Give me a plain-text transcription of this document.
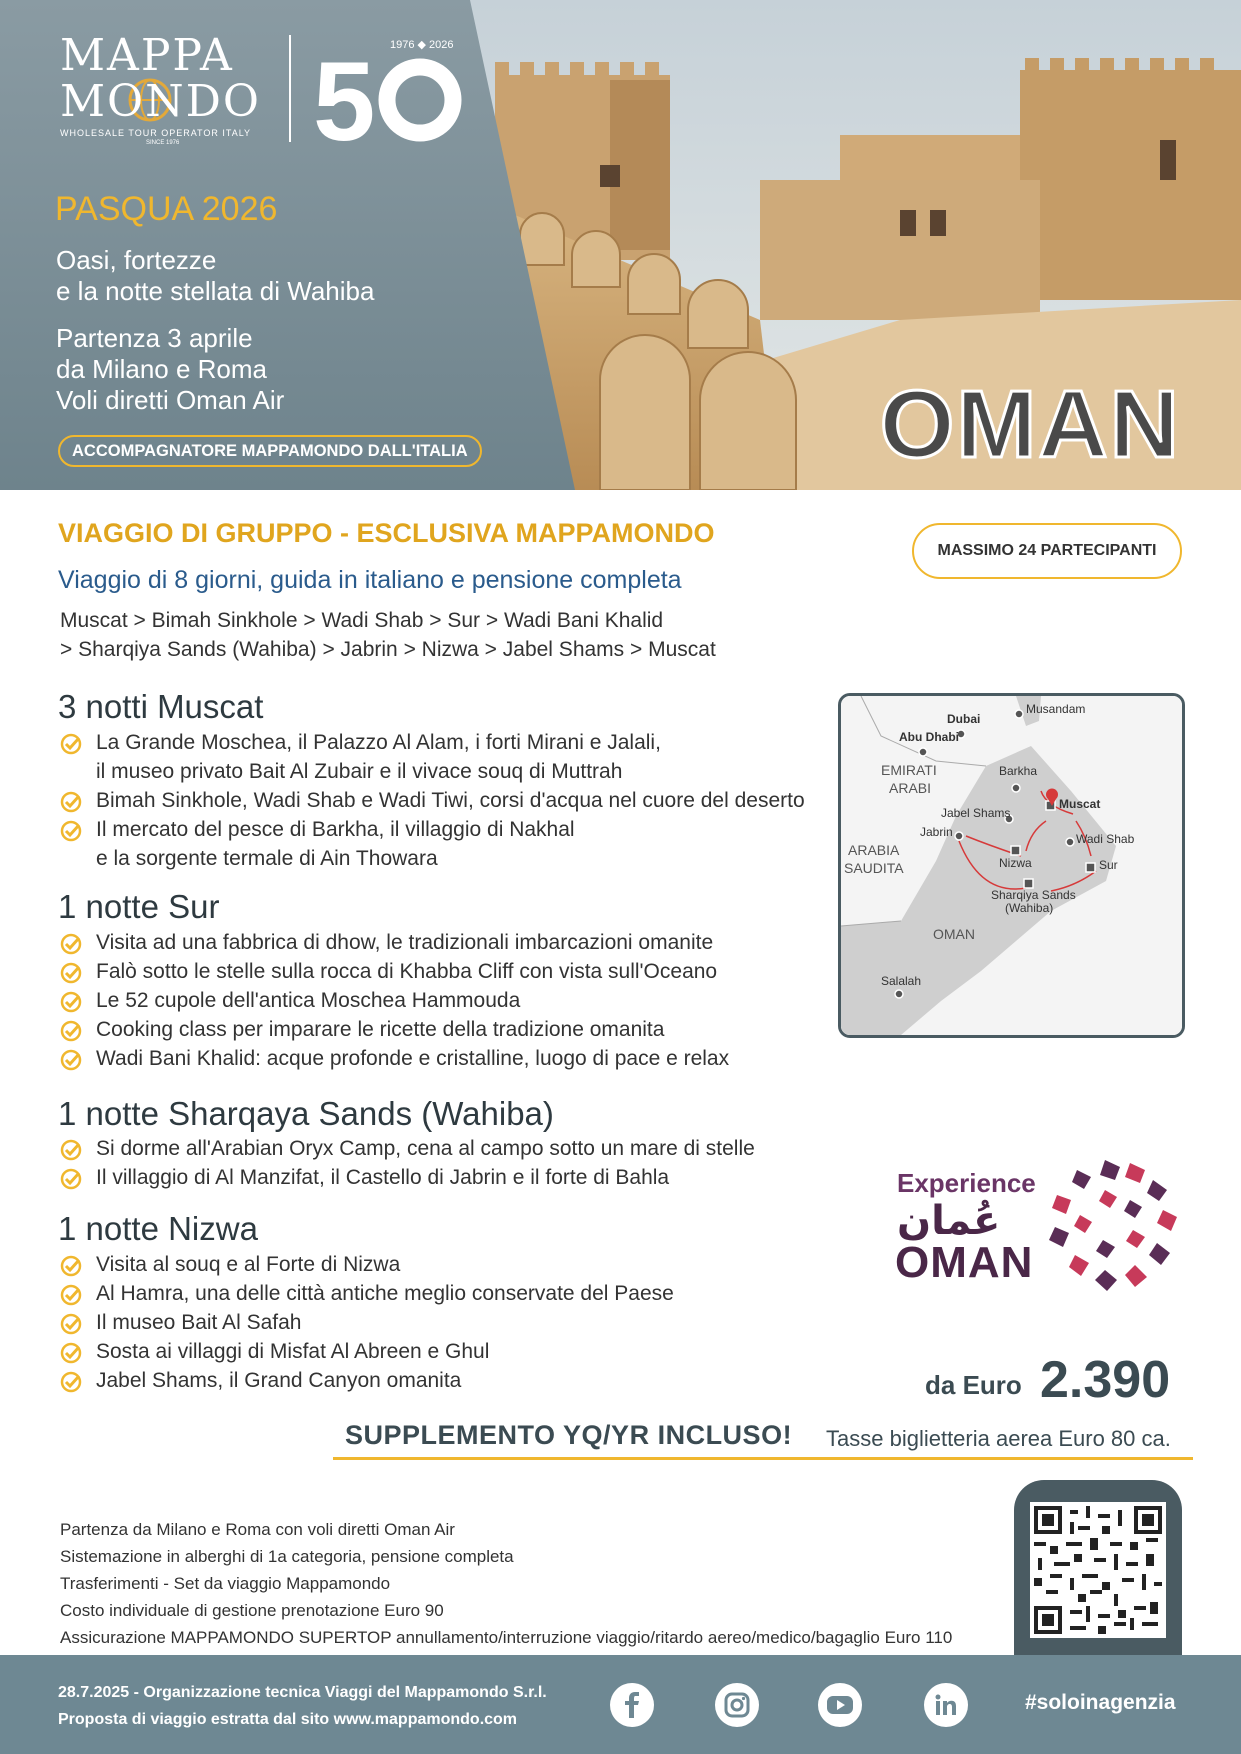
5
MAPPA
MONDO
WHOLESALE TOUR OPERATOR ITALY
SINCE 1976
1976 ◆ 2026
PASQUA 2026
Oasi, fortezze
e la notte stellata di Wahiba
Partenza 3 aprile
da Milano e Roma
Voli diretti Oman Air
ACCOMPAGNATORE MAPPAMONDO DALL'ITALIA	OMAN
VIAGGIO DI GRUPPO - ESCLUSIVA MAPPAMONDO
Viaggio di 8 giorni, guida in italiano e pensione completa
Muscat > Bimah Sinkhole > Wadi Shab > Sur > Wadi Bani Khalid
> Sharqiya Sands (Wahiba) > Jabrin > Nizwa > Jabel Shams > Muscat
MASSIMO 24 PARTECIPANTI
3 notti Muscat
La Grande Moschea, il Palazzo Al Alam, i forti Mirani e Jalali,
il museo privato Bait Al Zubair e il vivace souq di Muttrah
Bimah Sinkhole, Wadi Shab e Wadi Tiwi, corsi d'acqua nel cuore del deserto
Il mercato del pesce di Barkha, il villaggio di Nakhal
e la sorgente termale di Ain Thowara
1 notte Sur
Visita ad una fabbrica di dhow, le tradizionali imbarcazioni omanite
Falò sotto le stelle sulla rocca di Khabba Cliff con vista sull'Oceano
Le 52 cupole dell'antica Moschea Hammouda
Cooking class per imparare le ricette della tradizione omanita
Wadi Bani Khalid: acque profonde e cristalline, luogo di pace e relax
1 notte Sharqaya Sands (Wahiba)
Si dorme all'Arabian Oryx Camp, cena al campo sotto un mare di stelle
Il villaggio di Al Manzifat, il Castello di Jabrin e il forte di Bahla
1 notte Nizwa
Visita al souq e al Forte di Nizwa
Al Hamra, una delle città antiche meglio conservate del Paese
Il museo Bait Al Safah
Sosta ai villaggi di Misfat Al Abreen e Ghul
Jabel Shams, il Grand Canyon omanita
Musandam
Dubai
Abu Dhabi
EMIRATI
ARABI
Barkha
Muscat
Jabel Shams
Jabrin	Wadi Shab
ARABIA
SAUDITA	Nizwa	Sur
Sharqiya Sands
(Wahiba)
OMAN
Salalah
Experience
عُمان
OMAN
da Euro 2.390
SUPPLEMENTO YQ/YR INCLUSO! Tasse biglietteria aerea Euro 80 ca.
Partenza da Milano e Roma con voli diretti Oman Air
Sistemazione in alberghi di 1a categoria, pensione completa
Trasferimenti - Set da viaggio Mappamondo
Costo individuale di gestione prenotazione Euro 90
Assicurazione MAPPAMONDO SUPERTOP annullamento/interruzione viaggio/ritardo aereo/medico/bagaglio Euro 110
28.7.2025 - Organizzazione tecnica Viaggi del Mappamondo S.r.l.
Proposta di viaggio estratta dal sito www.mappamondo.com
#soloinagenzia
